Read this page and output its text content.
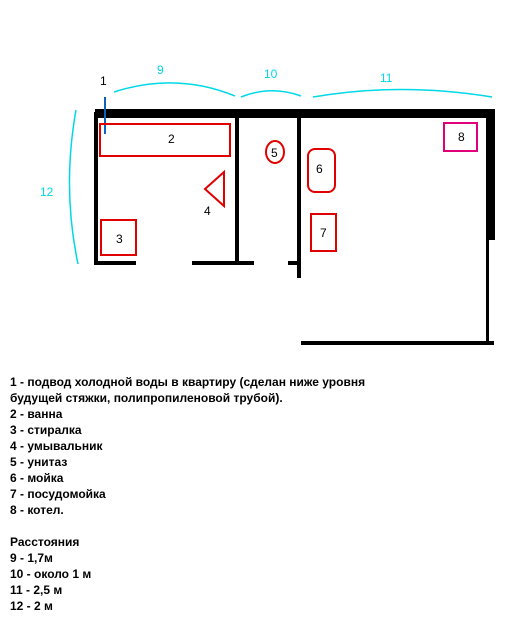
1
2
3
4
5
6
7
8
9	10	11
12
1 - подвод холодной воды в квартиру (сделан ниже уровня
будущей стяжки, полипропиленовой трубой).
2 - ванна
3 - стиралка
4 - умывальник
5 - унитаз
6 - мойка
7 - посудомойка
8 - котел.
Расстояния
9 - 1,7м
10 - около 1 м
11 - 2,5 м
12 - 2 м
